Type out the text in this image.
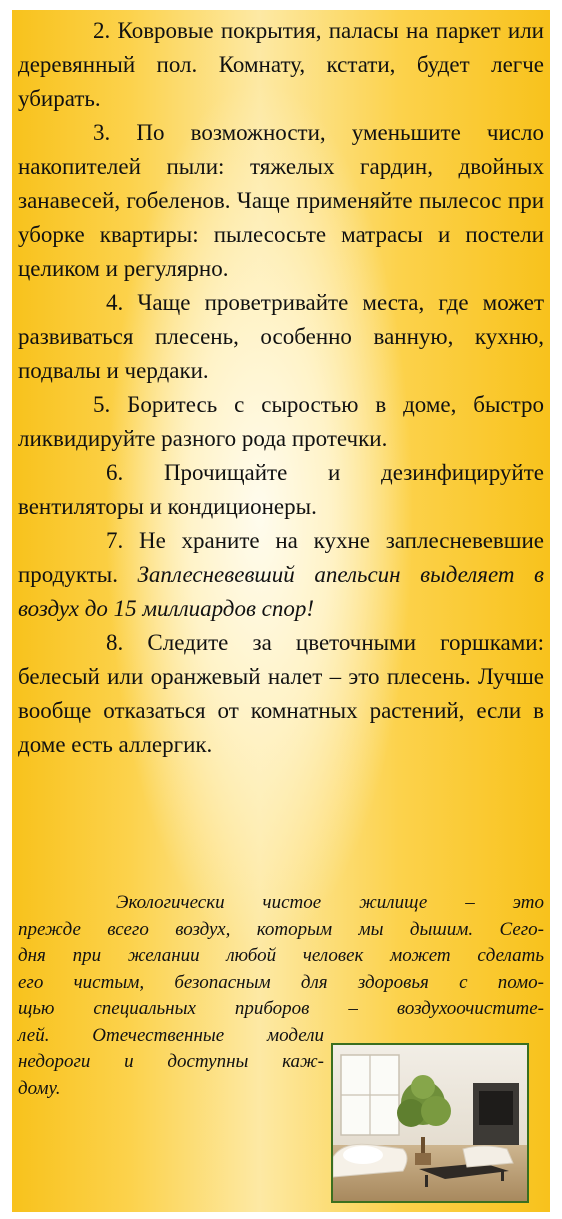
2. Ковровые покрытия, паласы на паркет или деревянный пол. Комнату, кстати, будет легче убирать.

3. По возможности, уменьшите число накопителей пыли: тяжелых гардин, двойных занавесей, гобеленов. Чаще применяйте пылесос при уборке квартиры: пылесосьте матрасы и постели целиком и регулярно.

4. Чаще проветривайте места, где может развиваться плесень, особенно ванную, кухню, подвалы и чердаки.

5. Боритесь с сыростью в доме, быстро ликвидируйте разного рода протечки.

6. Прочищайте и дезинфицируйте вентиляторы и кондиционеры.

7. Не храните на кухне заплесневевшие продукты. Заплесневевший апельсин выделяет в воздух до 15 миллиардов спор!

8. Следите за цветочными горшками: белесый или оранжевый налет – это плесень. Лучше вообще отказаться от комнатных растений, если в доме есть аллергик.

Экологически чистое жилище – это
прежде всего воздух, которым мы дышим. Сего-
дня при желании любой человек может сделать
его чистым, безопасным для здоровья с помо-
щью специальных приборов – воздухоочистите-
лей. Отечественные модели
недороги и доступны каж-
дому.
